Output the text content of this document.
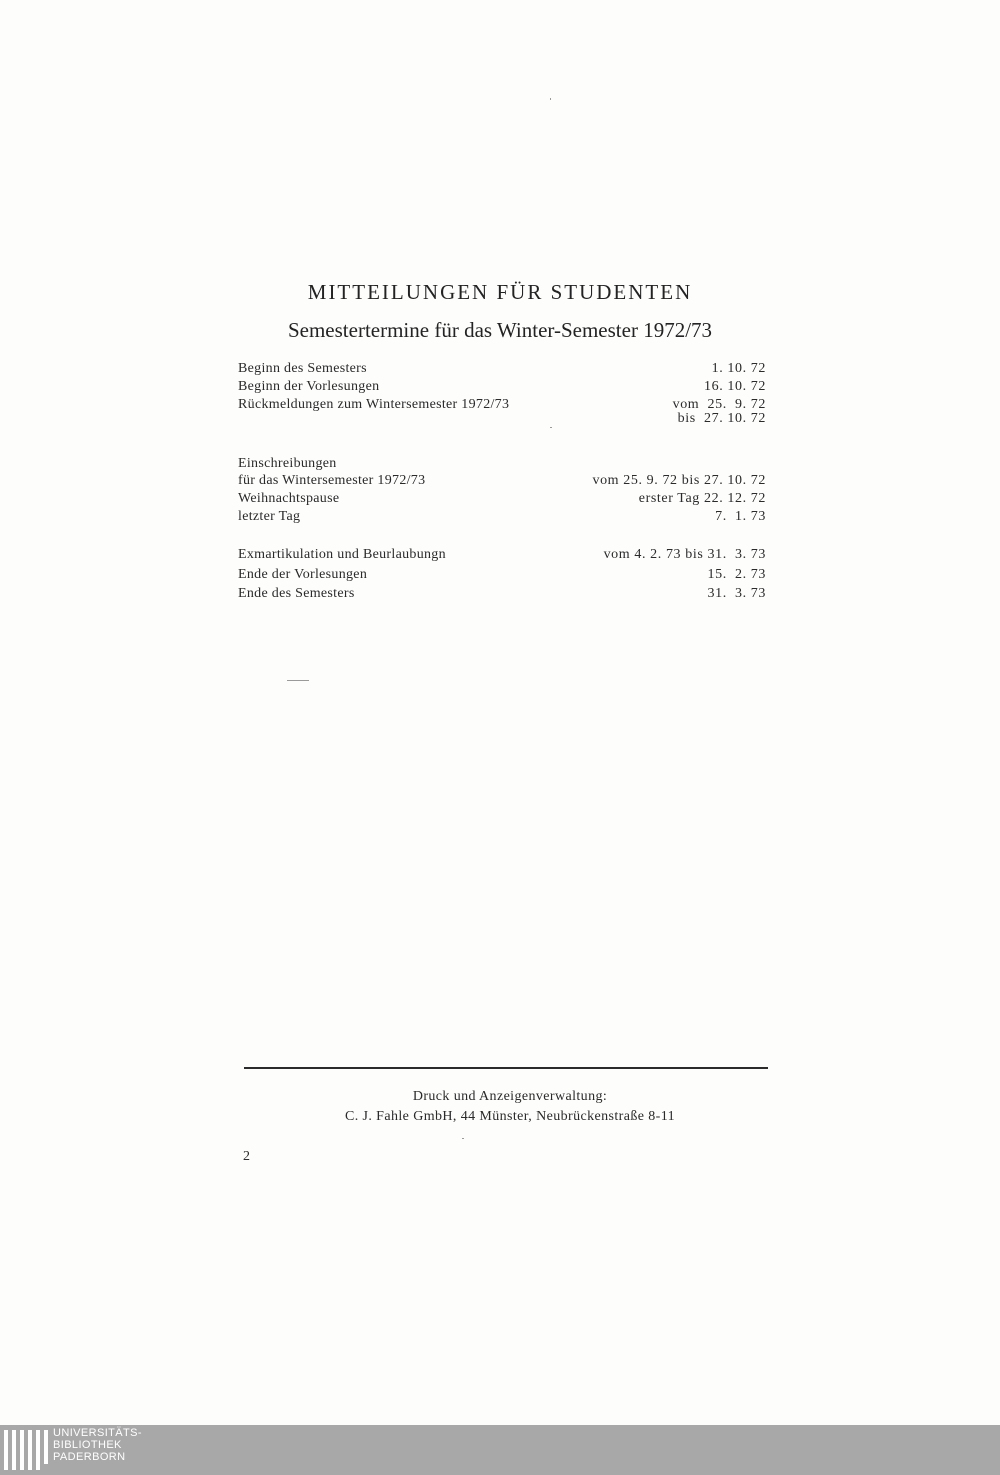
MITTEILUNGEN FÜR STUDENTEN
Semestertermine für das Winter-Semester 1972/73
Beginn des Semesters	1. 10. 72
Beginn der Vorlesungen	16. 10. 72
Rückmeldungen zum Wintersemester 1972/73	vom  25.  9. 72
bis  27. 10. 72
Einschreibungen
für das Wintersemester 1972/73	vom 25. 9. 72 bis 27. 10. 72
Weihnachtspause	erster Tag 22. 12. 72
letzter Tag	7.  1. 73
Exmartikulation und Beurlaubungn	vom 4. 2. 73 bis 31.  3. 73
Ende der Vorlesungen	15.  2. 73
Ende des Semesters	31.  3. 73
Druck und Anzeigenverwaltung:
C. J. Fahle GmbH, 44 Münster, Neubrückenstraße 8-11
2
UNIVERSITÄTS-
BIBLIOTHEK
PADERBORN
